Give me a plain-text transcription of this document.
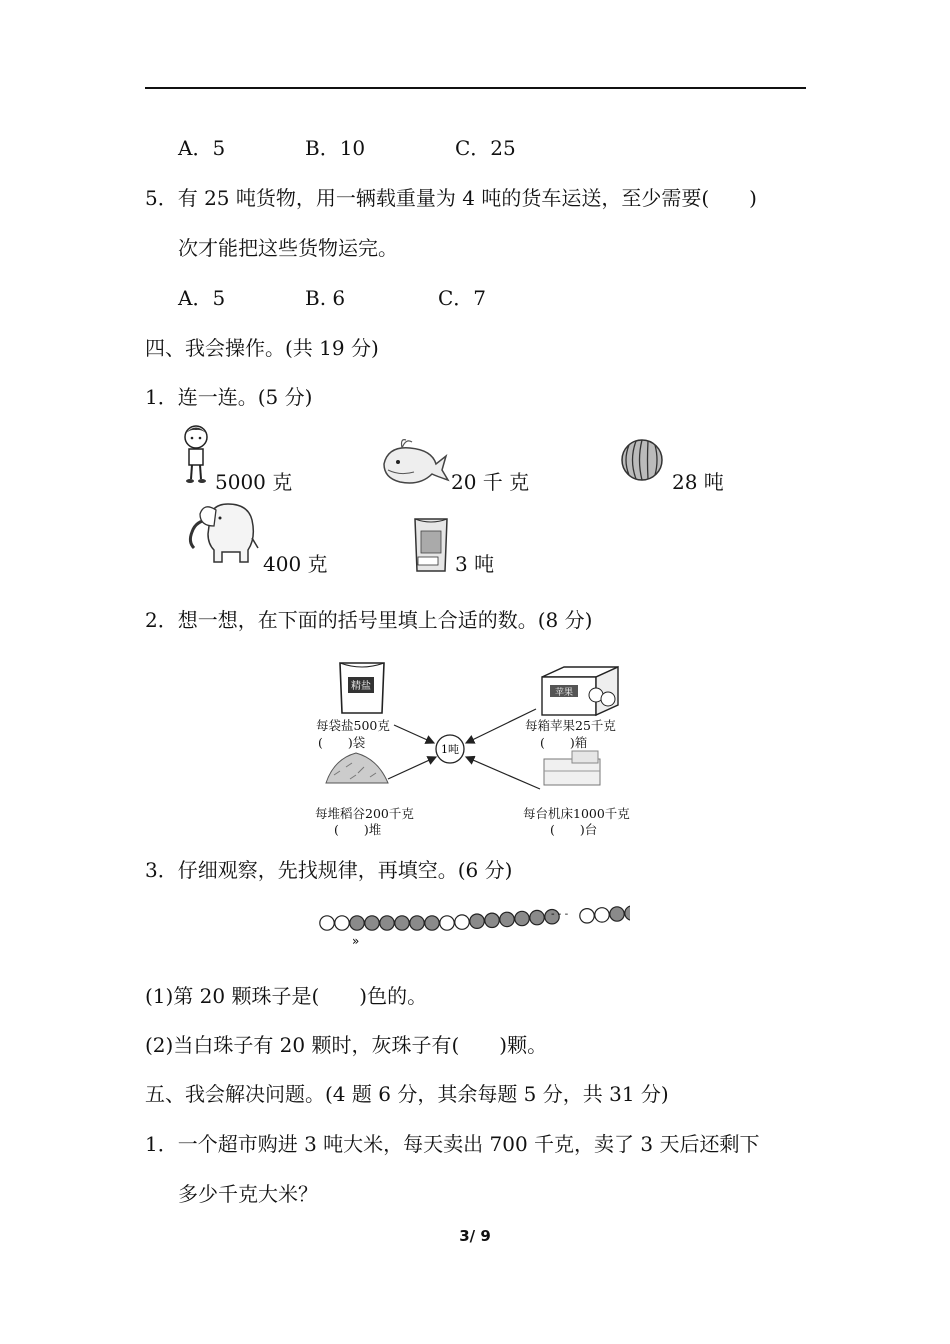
A．5	B．10	C．25
5．有 25 吨货物，用一辆载重量为 4 吨的货车运送，至少需要(　　)
次才能把这些货物运完。
A．5	B. 6	C．7
四、我会操作。(共 19 分)
1．连一连。(5 分)
5000 克	20 千 克	28 吨
400 克	3 吨
2．想一想，在下面的括号里填上合适的数。(8 分)
精盐
苹果
1吨
每袋盐500克
(　　)袋
每箱苹果25千克
(　　)箱
每堆稻谷200千克
(　　)堆
每台机床1000千克
(　　)台
3．仔细观察，先找规律，再填空。(6 分)
»
- - -
(1)第 20 颗珠子是(　　)色的。
(2)当白珠子有 20 颗时，灰珠子有(　　)颗。
五、我会解决问题。(4 题 6 分，其余每题 5 分，共 31 分)
1．一个超市购进 3 吨大米，每天卖出 700 千克，卖了 3 天后还剩下
多少千克大米？
3/ 9
